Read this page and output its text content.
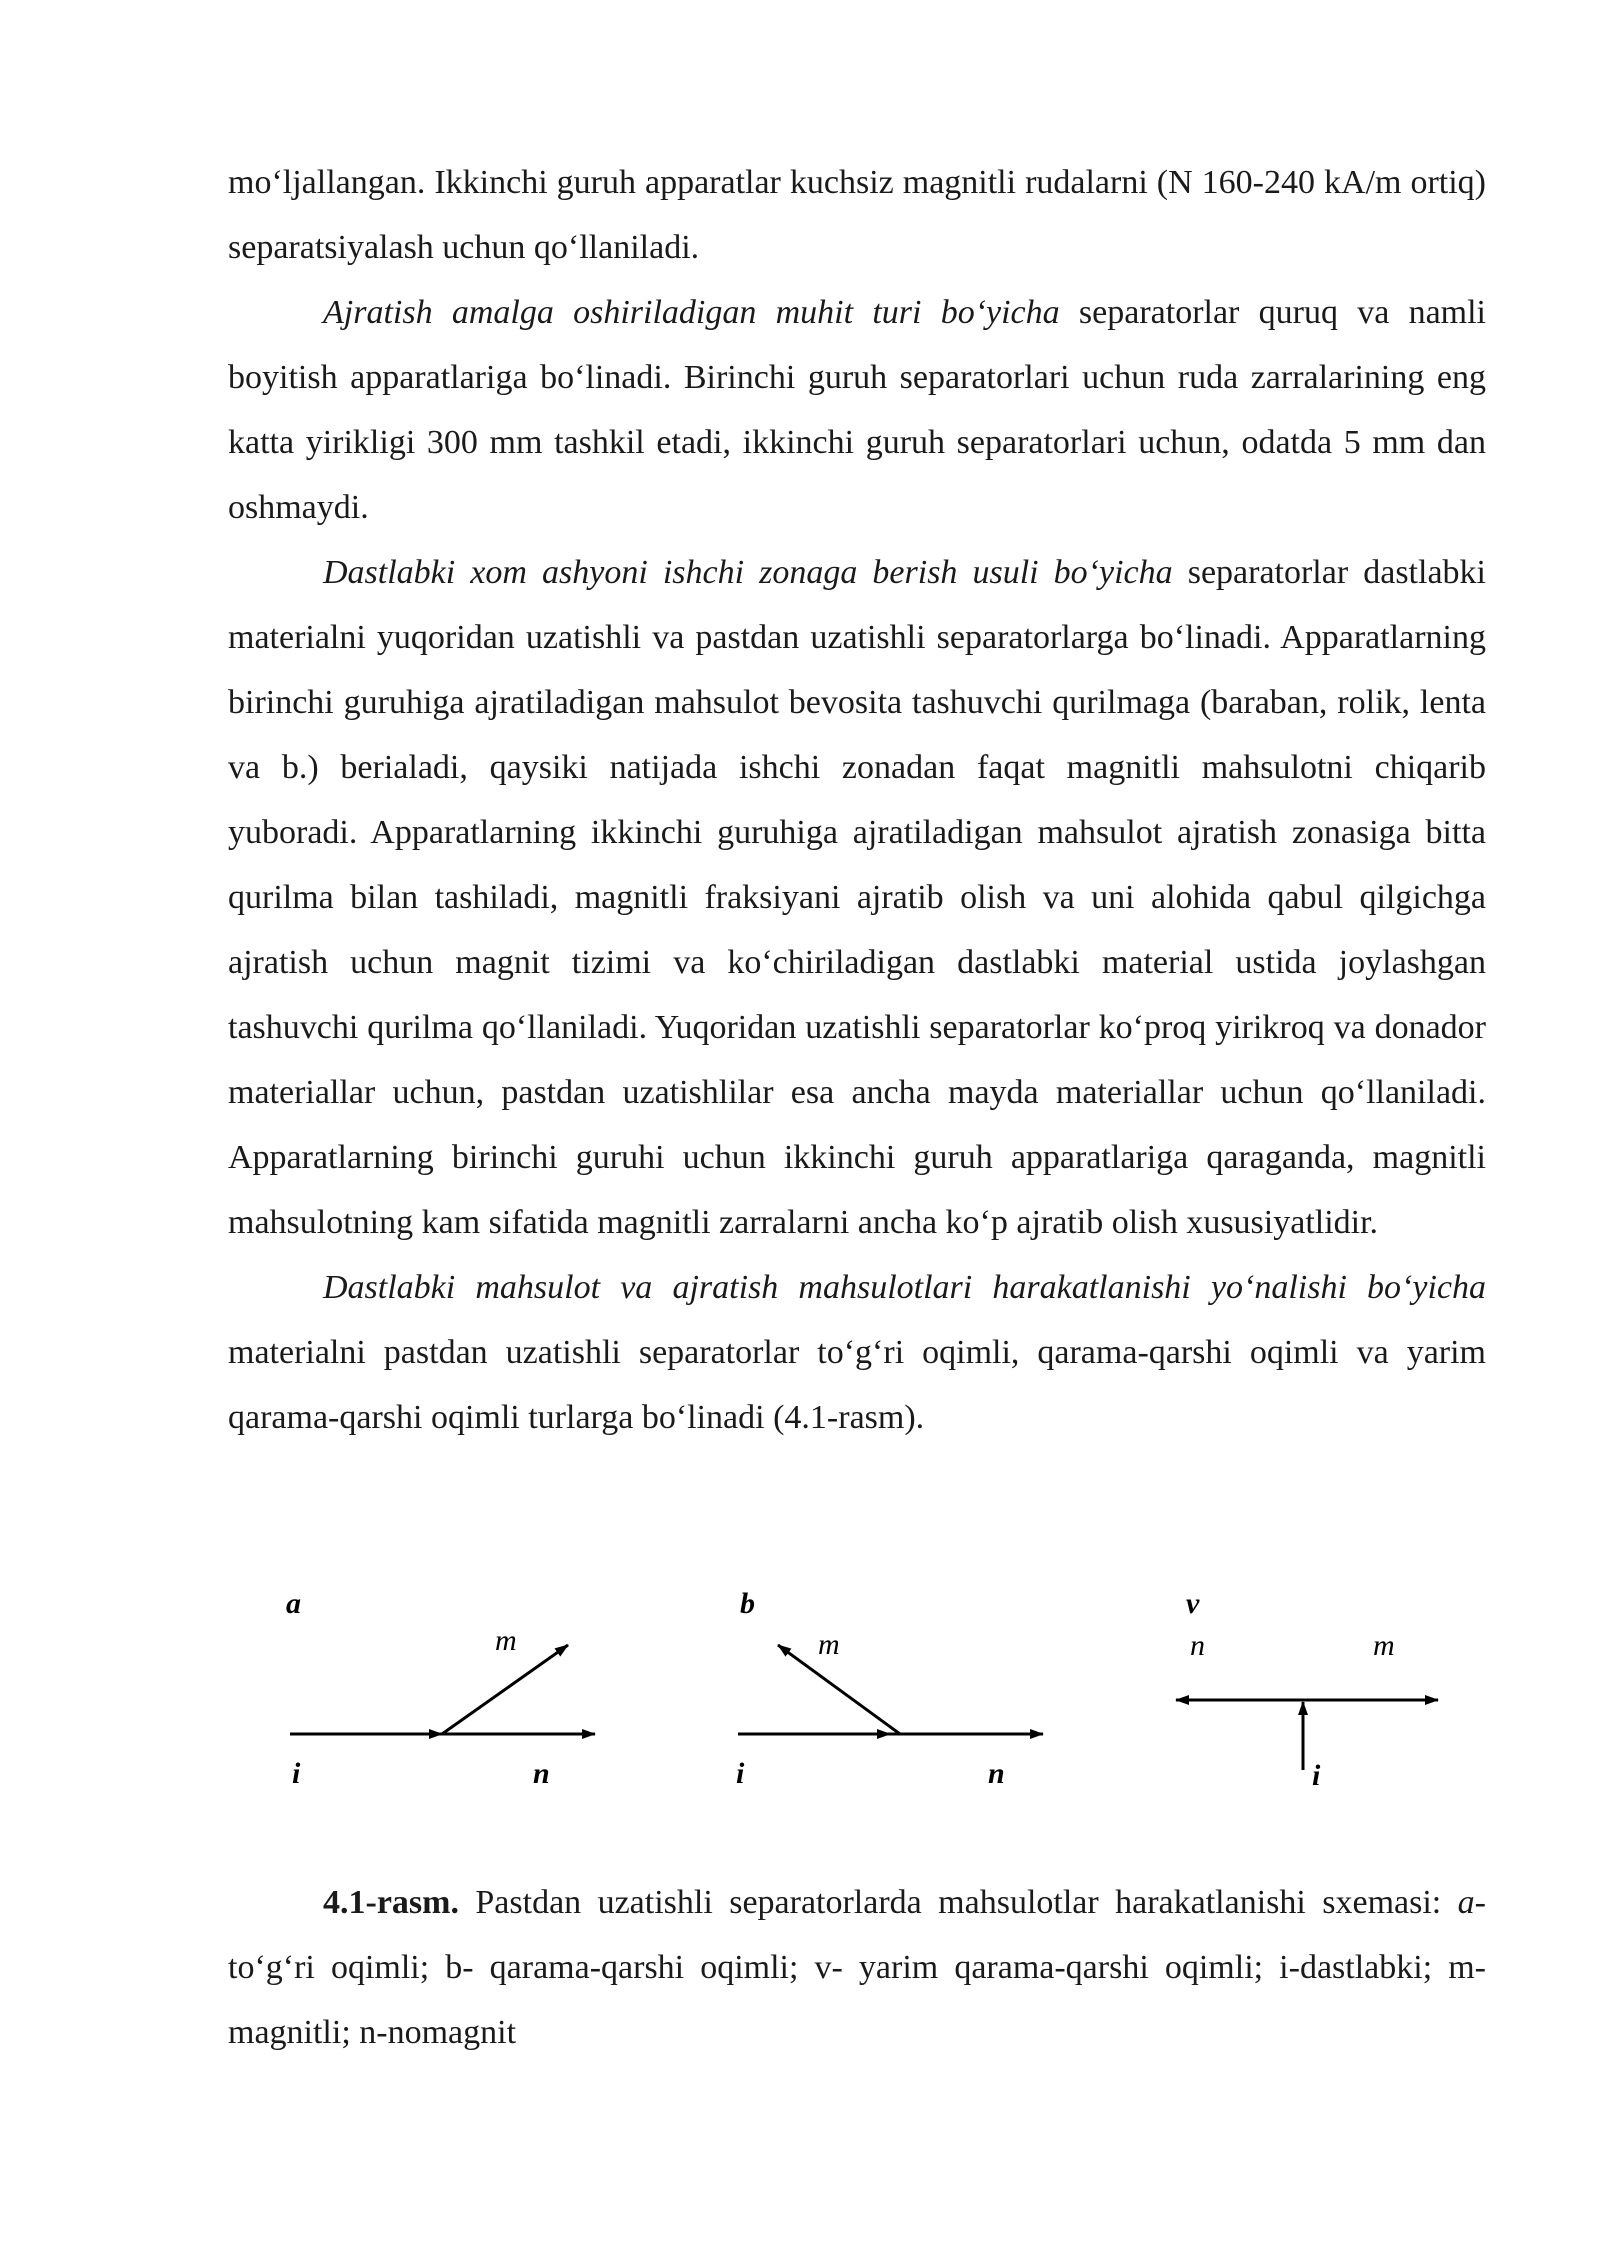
mo‘ljallangan. Ikkinchi guruh apparatlar kuchsiz magnitli rudalarni (N 160-240 kA/m ortiq) separatsiyalash uchun qo‘llaniladi.

Ajratish amalga oshiriladigan muhit turi bo‘yicha separatorlar quruq va namli boyitish apparatlariga bo‘linadi. Birinchi guruh separatorlari uchun ruda zarralarining eng katta yirikligi 300 mm tashkil etadi, ikkinchi guruh separatorlari uchun, odatda 5 mm dan oshmaydi.

Dastlabki xom ashyoni ishchi zonaga berish usuli bo‘yicha separatorlar dastlabki materialni yuqoridan uzatishli va pastdan uzatishli separatorlarga bo‘linadi. Apparatlarning birinchi guruhiga ajratiladigan mahsulot bevosita tashuvchi qurilmaga (baraban, rolik, lenta va b.) berialadi, qaysiki natijada ishchi zonadan faqat magnitli mahsulotni chiqarib yuboradi. Apparatlarning ikkinchi guruhiga ajratiladigan mahsulot ajratish zonasiga bitta qurilma bilan tashiladi, magnitli fraksiyani ajratib olish va uni alohida qabul qilgichga ajratish uchun magnit tizimi va ko‘chiriladigan dastlabki material ustida joylashgan tashuvchi qurilma qo‘llaniladi. Yuqoridan uzatishli separatorlar ko‘proq yirikroq va donador materiallar uchun, pastdan uzatishlilar esa ancha mayda materiallar uchun qo‘llaniladi. Apparatlarning birinchi guruhi uchun ikkinchi guruh apparatlariga qaraganda, magnitli mahsulotning kam sifatida magnitli zarralarni ancha ko‘p ajratib olish xususiyatlidir.

Dastlabki mahsulot va ajratish mahsulotlari harakatlanishi yo‘nalishi bo‘yicha materialni pastdan uzatishli separatorlar to‘g‘ri oqimli, qarama-qarshi oqimli va yarim qarama-qarshi oqimli turlarga bo‘linadi (4.1-rasm).

a
m
i	n
b
m
i	n
v
n	m
i

4.1-rasm. Pastdan uzatishli separatorlarda mahsulotlar harakatlanishi sxemasi: a- to‘g‘ri oqimli; b- qarama-qarshi oqimli; v- yarim qarama-qarshi oqimli; i-dastlabki; m-magnitli; n-nomagnit
